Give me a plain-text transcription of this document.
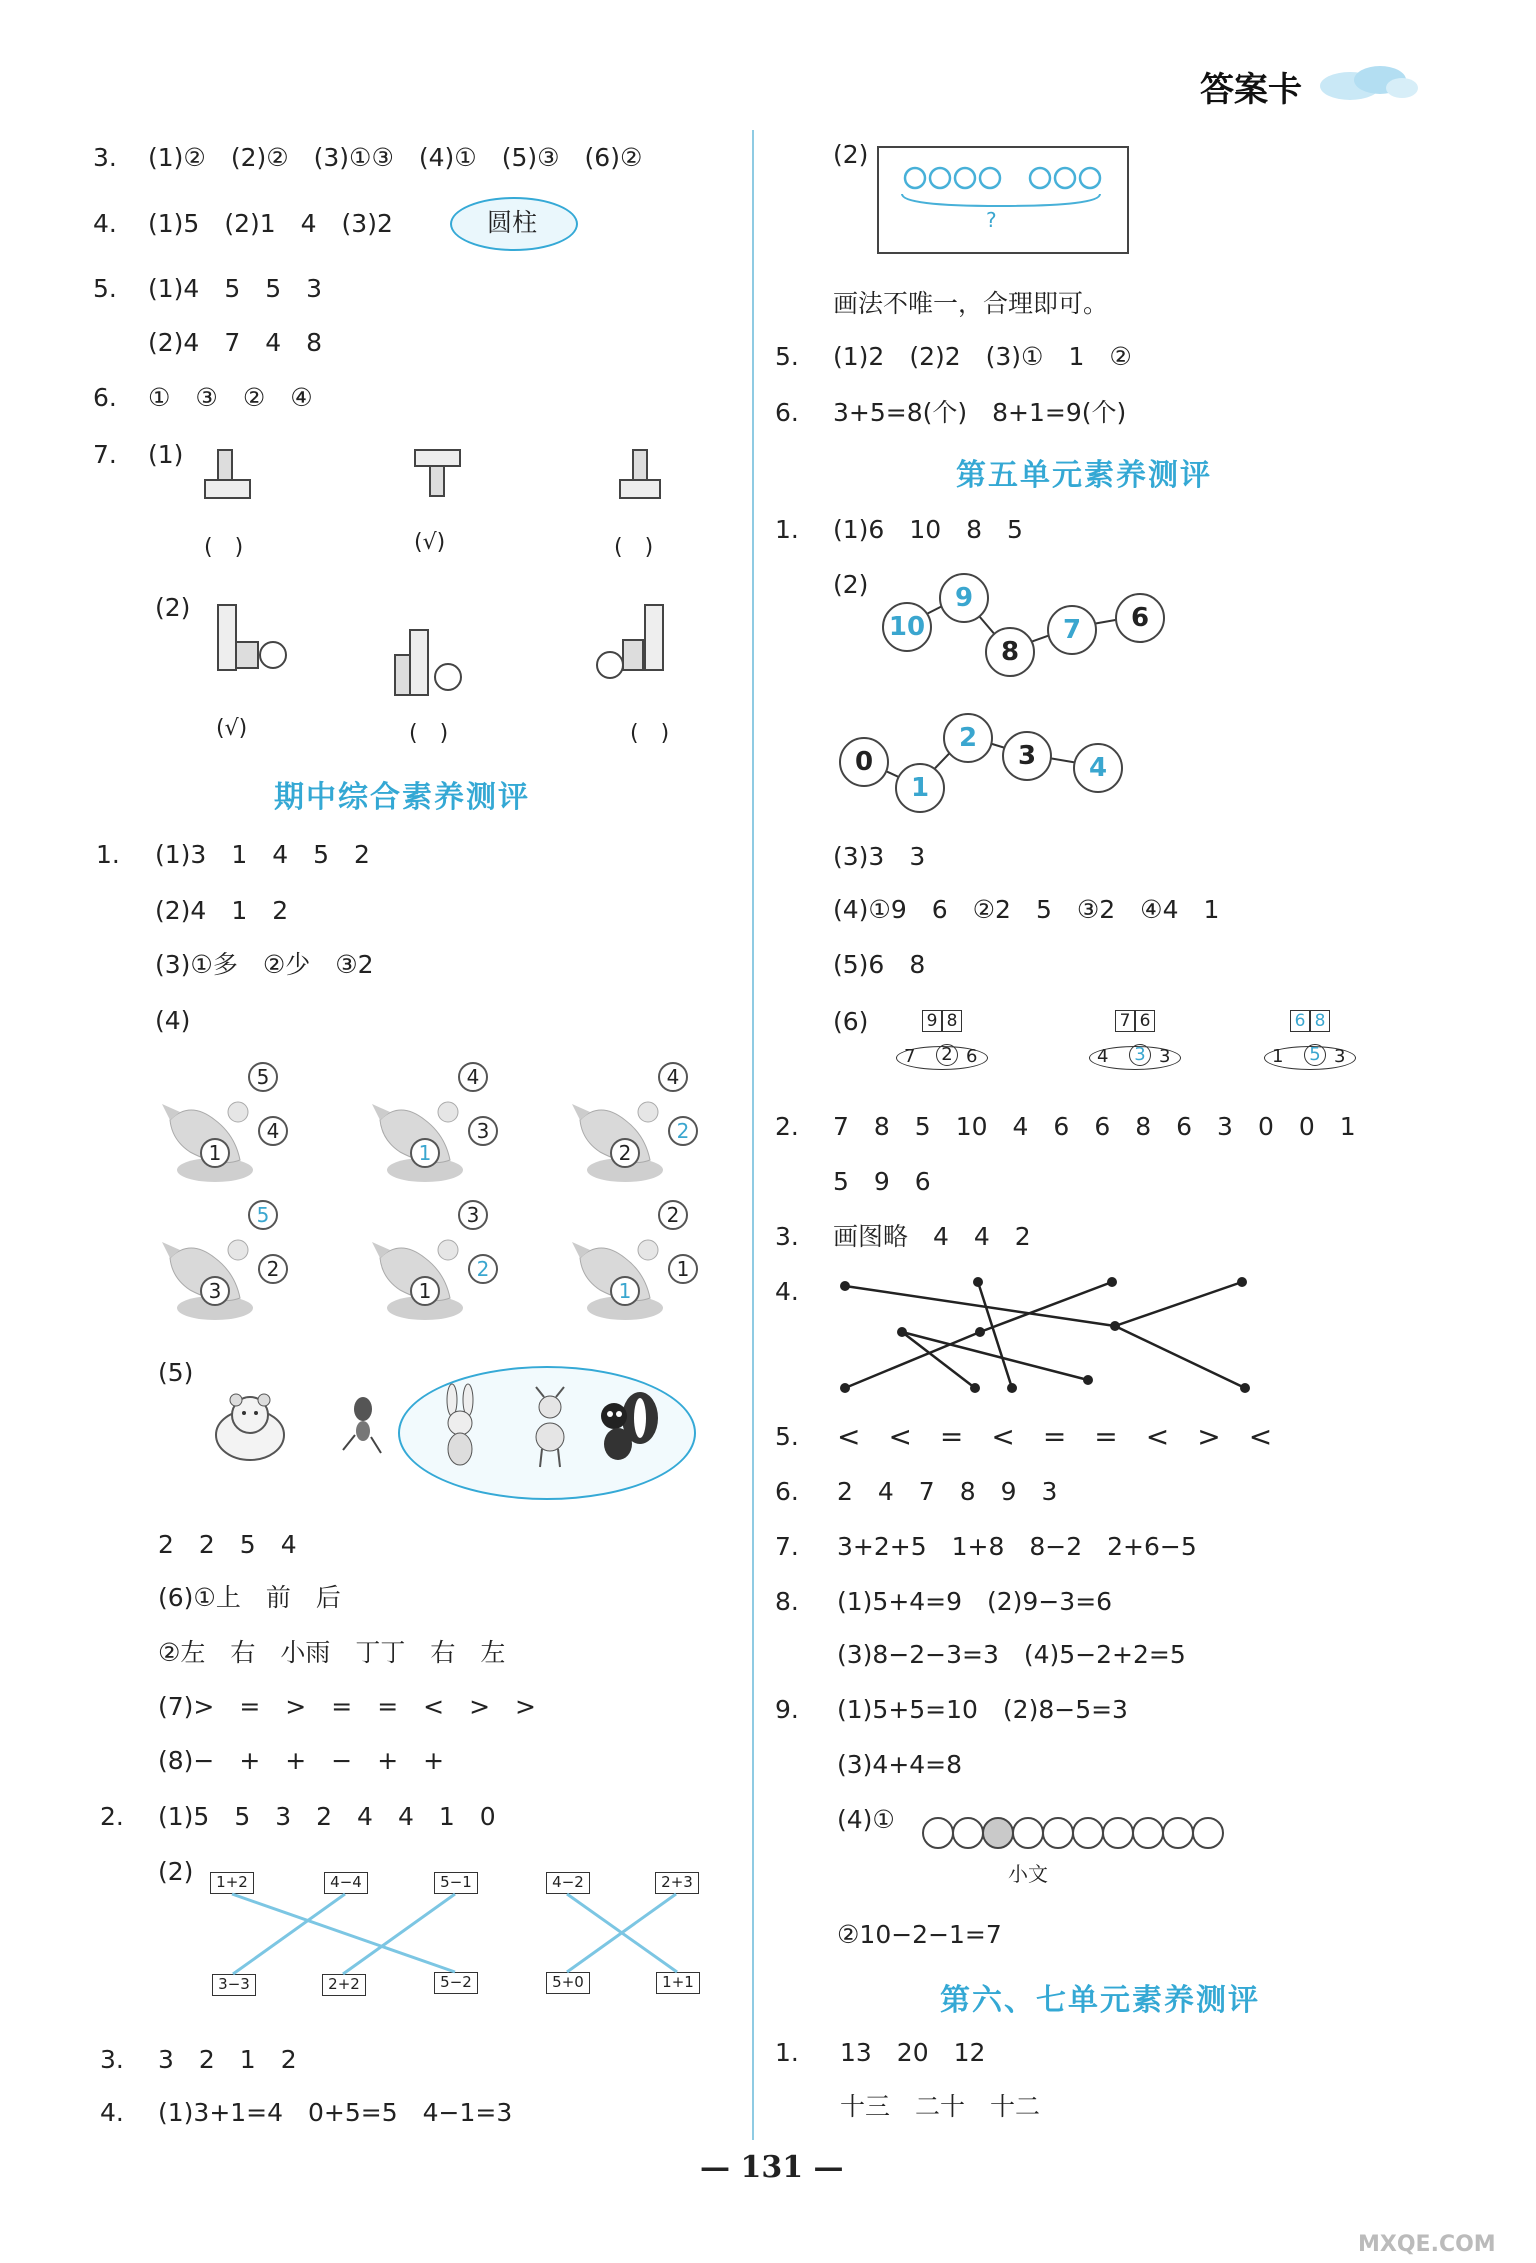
答案卡
3. (1)②　(2)②　(3)①③　(4)①　(5)③　(6)②
4. (1)5　(2)1　4　(3)2	圆柱
5. (1)4　5　5　3
(2)4　7　4　8
6. ①　③　②　④
7. (1)
(　)	(√)	(　)
(2)
(√)	(　)	(　)
期中综合素养测评
1. (1)3　1　4　5　2
(2)4　1　2
(3)①多　②少　③2
(4)
5
1
4
4
1
3
4
2
2
5
3
2
3
1
2
2
1
1
(5)
2　2　5　4
(6)①上　前　后
②左　右　小雨　丁丁　右　左
(7)>　=　>　=　=　<　>　>
(8)−　+　+　−　+　+
2. (1)5　5　3　2　4　4　1　0
(2)	1+2	4−4	5−1	4−2	2+3
3−3	2+2	5−2	5+0	1+1
3. 3　2　1　2
4. (1)3+1=4　0+5=5　4−1=3
(2)
?
画法不唯一，合理即可。
5. (1)2　(2)2　(3)①　1　②
6. 3+5=8(个)　8+1=9(个)
第五单元素养测评
1. (1)6　10　8　5
(2)
10
9
8
7	6
0
1
2
3	4
(3)3　3
(4)①9　6　②2　5　③2　④4　1
(5)6　8
(6)	9 8
7 2 6
7 6
4 3 3
6 8
1 5 3
2. 7　8　5　10　4　6　6　8　6　3　0　0　1
5　9　6
3. 画图略　4　4　2
4.
5. <　<　=　<　=　=　<　>　<
6. 2　4　7　8　9　3
7. 3+2+5　1+8　8−2　2+6−5
8. (1)5+4=9　(2)9−3=6
(3)8−2−3=3　(4)5−2+2=5
9. (1)5+5=10　(2)8−5=3
(3)4+4=8
(4)①
小文
②10−2−1=7
第六、七单元素养测评
1. 13　20　12
十三　二十　十二
— 131 —
MXQE.COM
